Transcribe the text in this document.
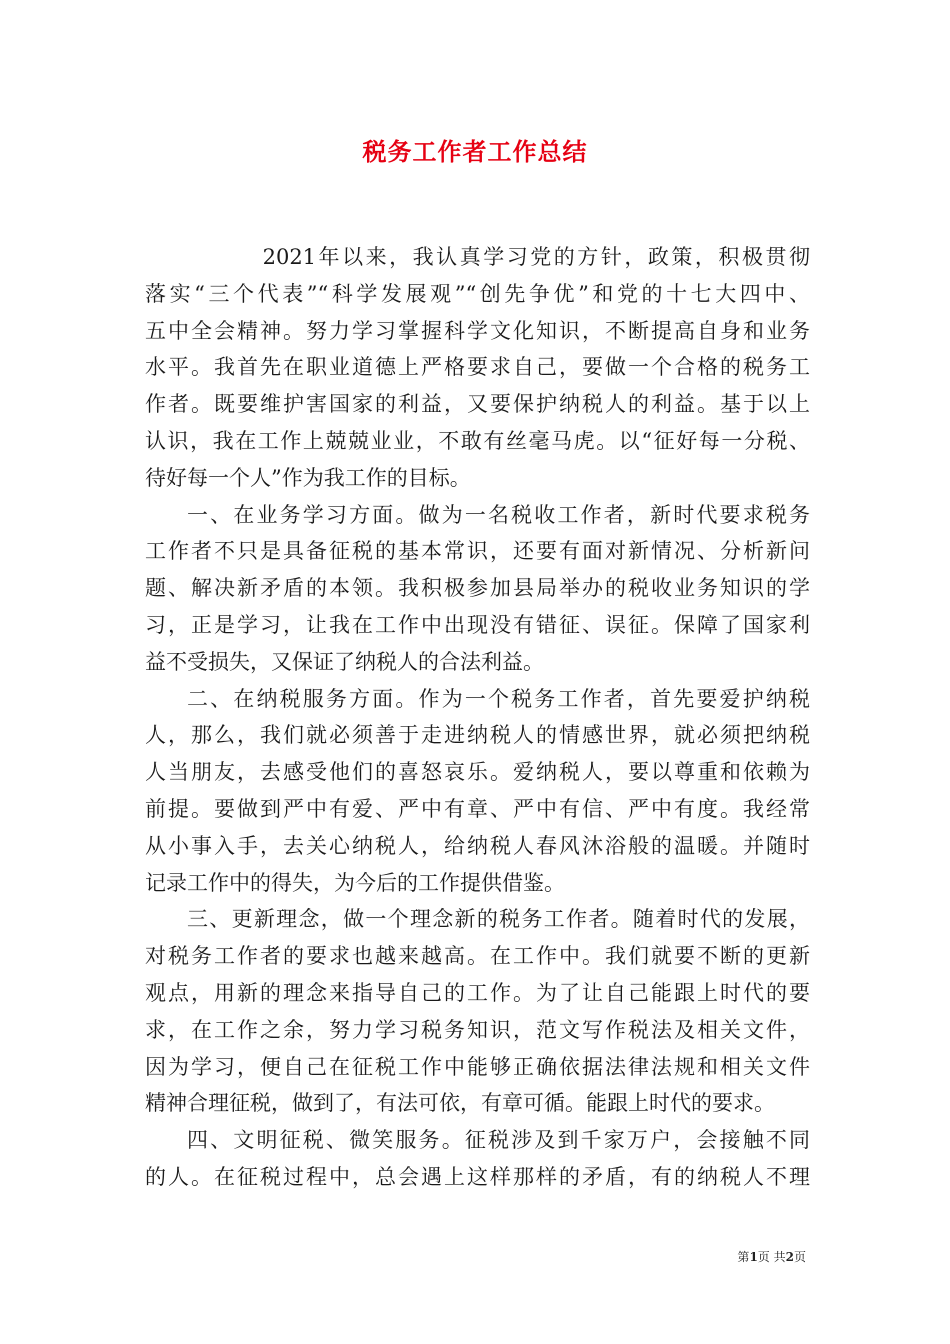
税务工作者工作总结
2021年以来，我认真学习党的方针，政策，积极贯彻
落实“三个代表”“科学发展观”“创先争优”和党的十七大四中、
五中全会精神。努力学习掌握科学文化知识，不断提高自身和业务
水平。我首先在职业道德上严格要求自己，要做一个合格的税务工
作者。既要维护害国家的利益，又要保护纳税人的利益。基于以上
认识，我在工作上兢兢业业，不敢有丝毫马虎。以“征好每一分税、
待好每一个人”作为我工作的目标。
一、在业务学习方面。做为一名税收工作者，新时代要求税务
工作者不只是具备征税的基本常识，还要有面对新情况、分析新问
题、解决新矛盾的本领。我积极参加县局举办的税收业务知识的学
习，正是学习，让我在工作中出现没有错征、误征。保障了国家利
益不受损失，又保证了纳税人的合法利益。
二、在纳税服务方面。作为一个税务工作者，首先要爱护纳税
人，那么，我们就必须善于走进纳税人的情感世界，就必须把纳税
人当朋友，去感受他们的喜怒哀乐。爱纳税人，要以尊重和依赖为
前提。要做到严中有爱、严中有章、严中有信、严中有度。我经常
从小事入手，去关心纳税人，给纳税人春风沐浴般的温暖。并随时
记录工作中的得失，为今后的工作提供借鉴。
三、更新理念，做一个理念新的税务工作者。随着时代的发展，
对税务工作者的要求也越来越高。在工作中。我们就要不断的更新
观点，用新的理念来指导自己的工作。为了让自己能跟上时代的要
求，在工作之余，努力学习税务知识，范文写作税法及相关文件，
因为学习，便自己在征税工作中能够正确依据法律法规和相关文件
精神合理征税，做到了，有法可依，有章可循。能跟上时代的要求。
四、文明征税、微笑服务。征税涉及到千家万户，会接触不同
的人。在征税过程中，总会遇上这样那样的矛盾，有的纳税人不理
第1页 共2页
